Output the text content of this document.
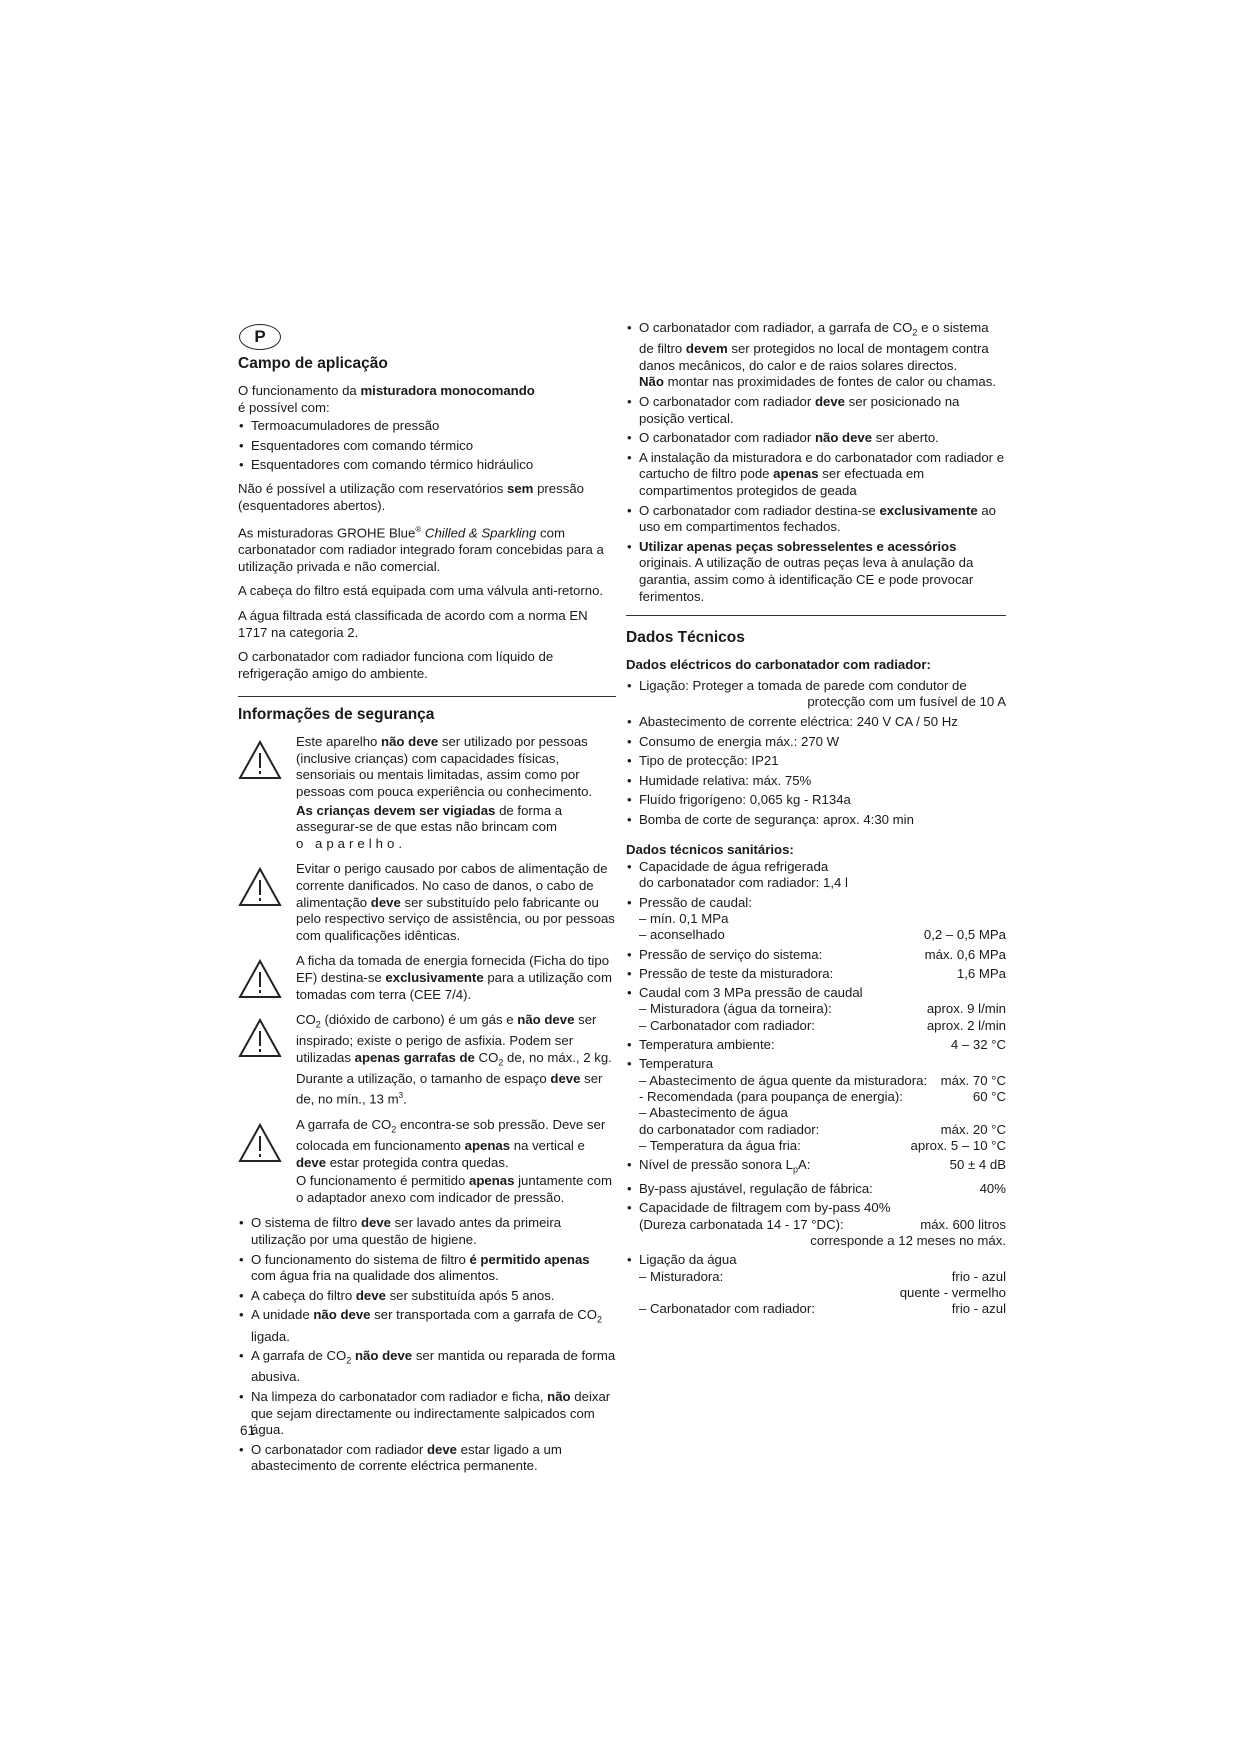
P
Campo de aplicação

O funcionamento da misturadora monocomando
é possível com:

• Termoacumuladores de pressão
• Esquentadores com comando térmico
• Esquentadores com comando térmico hidráulico

Não é possível a utilização com reservatórios sem pressão (esquentadores abertos).

As misturadoras GROHE Blue® Chilled & Sparkling com carbonatador com radiador integrado foram concebidas para a utilização privada e não comercial.

A cabeça do filtro está equipada com uma válvula anti-retorno.

A água filtrada está classificada de acordo com a norma EN 1717 na categoria 2.

O carbonatador com radiador funciona com líquido de refrigeração amigo do ambiente.

Informações de segurança

Este aparelho não deve ser utilizado por pessoas (inclusive crianças) com capacidades físicas, sensoriais ou mentais limitadas, assim como por pessoas com pouca experiência ou conhecimento.

As crianças devem ser vigiadas de forma a assegurar-se de que estas não brincam com
o aparelho.

Evitar o perigo causado por cabos de alimentação de corrente danificados. No caso de danos, o cabo de alimentação deve ser substituído pelo fabricante ou pelo respectivo serviço de assistência, ou por pessoas com qualificações idênticas.

A ficha da tomada de energia fornecida (Ficha do tipo EF) destina-se exclusivamente para a utilização com tomadas com terra (CEE 7/4).

$CO_2$ (dióxido de carbono) é um gás e não deve ser inspirado; existe o perigo de asfixia. Podem ser utilizadas apenas garrafas de $CO_2$ de, no máx., 2 kg. Durante a utilização, o tamanho de espaço deve ser de, no mín., 13 $m^3$.

A garrafa de $CO_2$ encontra-se sob pressão. Deve ser colocada em funcionamento apenas na vertical e deve estar protegida contra quedas.

O funcionamento é permitido apenas juntamente com o adaptador anexo com indicador de pressão.

• O sistema de filtro deve ser lavado antes da primeira utilização por uma questão de higiene.
• O funcionamento do sistema de filtro é permitido apenas com água fria na qualidade dos alimentos.
• A cabeça do filtro deve ser substituída após 5 anos.
• A unidade não deve ser transportada com a garrafa de $CO_2$ ligada.
• A garrafa de $CO_2$ não deve ser mantida ou reparada de forma abusiva.
• Na limpeza do carbonatador com radiador e ficha, não deixar que sejam directamente ou indirectamente salpicados com água.
• O carbonatador com radiador deve estar ligado a um abastecimento de corrente eléctrica permanente.
• O carbonatador com radiador, a garrafa de $CO_2$ e o sistema de filtro devem ser protegidos no local de montagem contra danos mecânicos, do calor e de raios solares directos.
Não montar nas proximidades de fontes de calor ou chamas.
• O carbonatador com radiador deve ser posicionado na posição vertical.
• O carbonatador com radiador não deve ser aberto.
• A instalação da misturadora e do carbonatador com radiador e cartucho de filtro pode apenas ser efectuada em compartimentos protegidos de geada
• O carbonatador com radiador destina-se exclusivamente ao uso em compartimentos fechados.
• Utilizar apenas peças sobresselentes e acessórios originais. A utilização de outras peças leva à anulação da garantia, assim como à identificação CE e pode provocar ferimentos.
Dados Técnicos
Dados eléctricos do carbonatador com radiador:
• Ligação: Proteger a tomada de parede com condutor de
protecção com um fusível de 10 A
• Abastecimento de corrente eléctrica: 240 V CA / 50 Hz
• Consumo de energia máx.: 270 W
• Tipo de protecção: IP21
• Humidade relativa: máx. 75%
• Fluído frigorígeno: 0,065 kg - R134a
• Bomba de corte de segurança: aprox. 4:30 min
Dados técnicos sanitários:
• Capacidade de água refrigerada
do carbonatador com radiador: 1,4 l
• Pressão de caudal:
– mín. 0,1 MPa
– aconselhado	0,2 – 0,5 MPa
• Pressão de serviço do sistema:	máx. 0,6 MPa
• Pressão de teste da misturadora:	1,6 MPa
• Caudal com 3 MPa pressão de caudal
– Misturadora (água da torneira):	aprox. 9 l/min
– Carbonatador com radiador:	aprox. 2 l/min
• Temperatura ambiente:	4 – 32 °C
• Temperatura
– Abastecimento de água quente da misturadora: máx. 70 °C
- Recomendada (para poupança de energia):	60 °C
– Abastecimento de água
do carbonatador com radiador:	máx. 20 °C
– Temperatura da água fria:	aprox. 5 – 10 °C
• Nível de pressão sonora $L_pA$:	50 ± 4 dB
• By-pass ajustável, regulação de fábrica:	40%
• Capacidade de filtragem com by-pass 40%
(Dureza carbonatada 14 - 17 °DC):	máx. 600 litros
corresponde a 12 meses no máx.
• Ligação da água
– Misturadora:	frio - azul
quente - vermelho
– Carbonatador com radiador:	frio - azul
61
